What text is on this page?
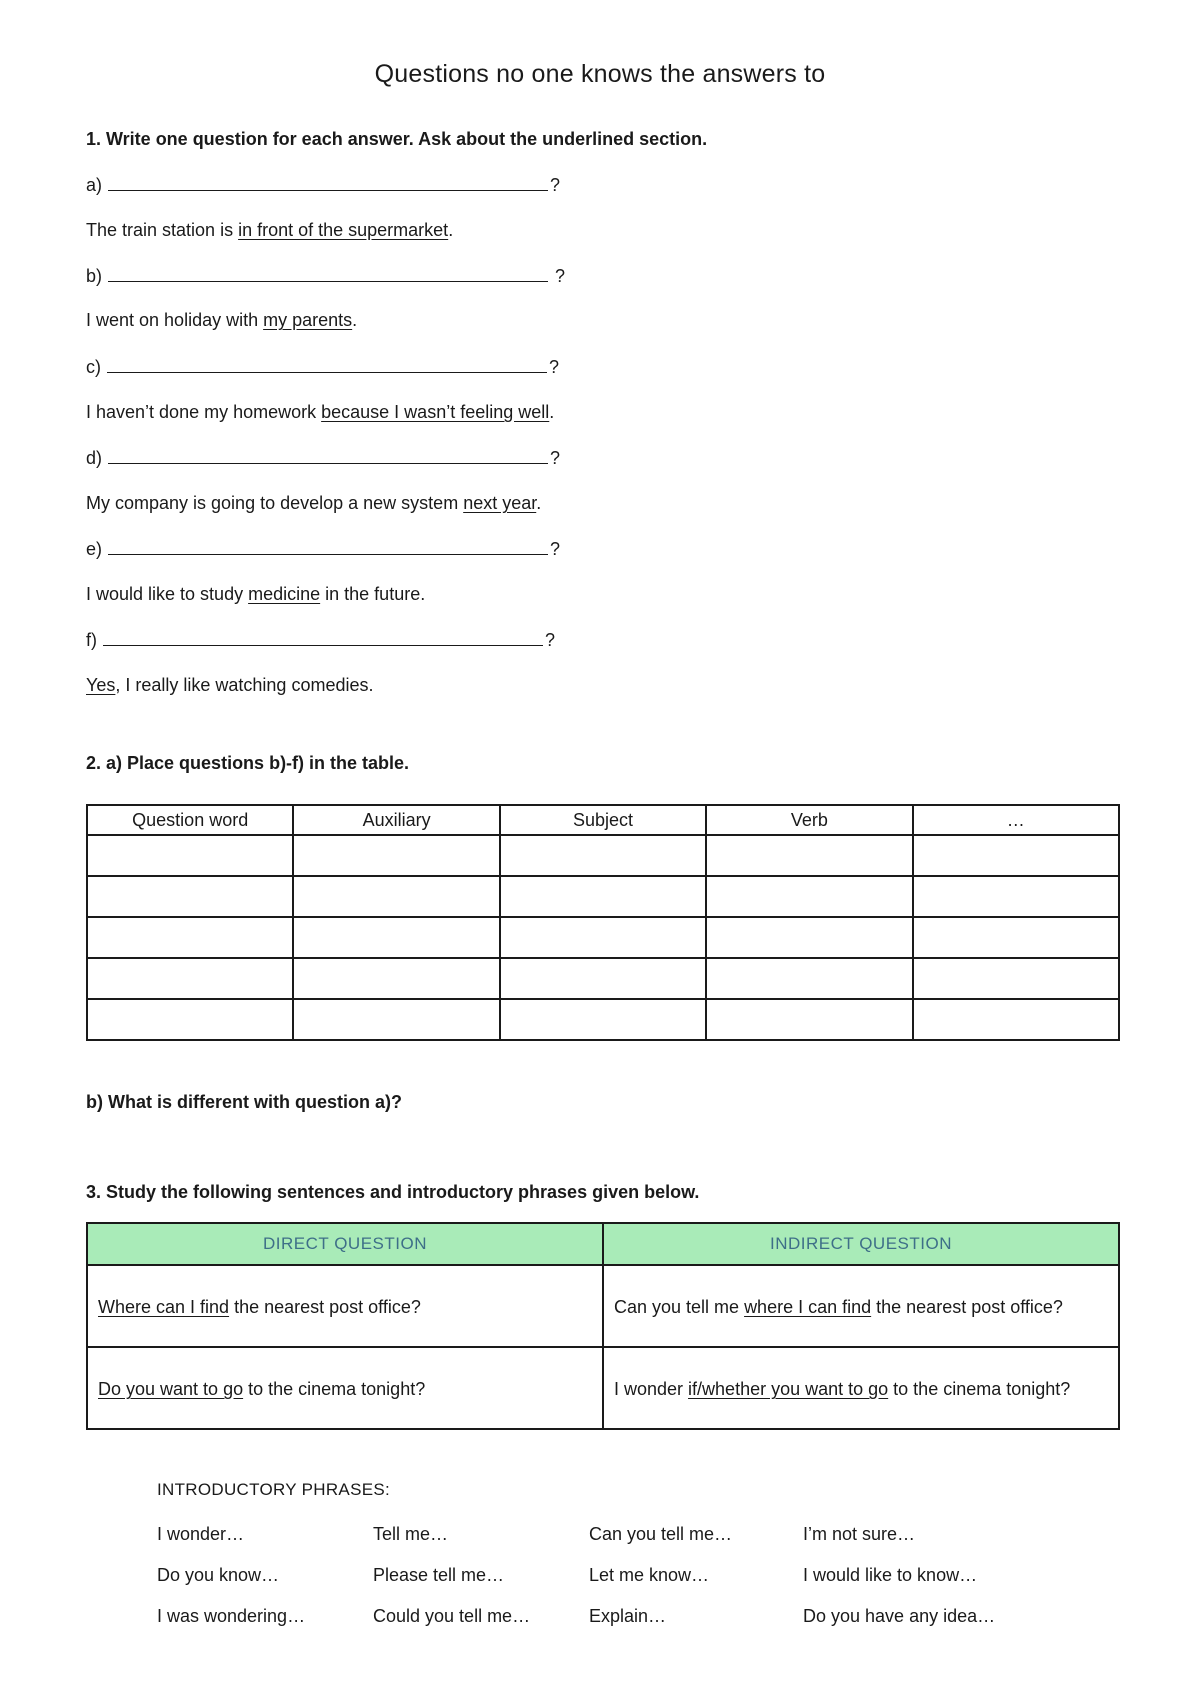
Questions no one knows the answers to
1. Write one question for each answer. Ask about the underlined section.
a)	?
The train station is in front of the supermarket.
b)	?
I went on holiday with my parents.
c)	?
I haven’t done my homework because I wasn’t feeling well.
d)	?
My company is going to develop a new system next year.
e)	?
I would like to study medicine in the future.
f)	?
Yes, I really like watching comedies.
2. a) Place questions b)-f) in the table.
Question word	Auxiliary	Subject	Verb	…

b) What is different with question a)?
3. Study the following sentences and introductory phrases given below.
DIRECT QUESTION	INDIRECT QUESTION
Where can I find the nearest post office?	Can you tell me where I can find the nearest post office?
Do you want to go to the cinema tonight?	I wonder if/whether you want to go to the cinema tonight?
INTRODUCTORY PHRASES:
I wonder…	Tell me…	Can you tell me…	I’m not sure…
Do you know…	Please tell me…	Let me know…	I would like to know…
I was wondering…	Could you tell me…	Explain…	Do you have any idea…
